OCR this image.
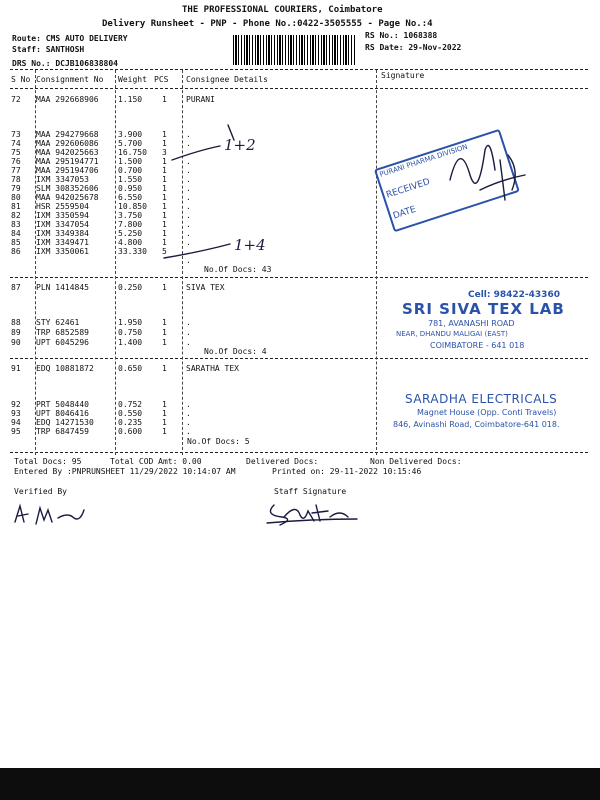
THE PROFESSIONAL COURIERS, Coimbatore
Delivery Runsheet - PNP - Phone No.:0422-3505555 - Page No.:4
Route: CMS AUTO DELIVERY
Staff: SANTHOSH
DRS No.: DCJB106838804
RS No.: 1068388
RS Date: 29-Nov-2022
S No Consignment No Weight PCS Consignee Details	Signature
72 MAA 292668906 1.150 1 PURANI
73 MAA 294279668 3.900 1 .
74 MAA 292606086 5.700 1 .
75 MAA 942025663 16.750 3 .
76 MAA 295194771 1.500 1 .
77 MAA 295194706 0.700 1 .
78 IXM 3347053	1.550 1 .
79 SLM 308352606 0.950 1 .
80 MAA 942025678 6.550 1 .
81 HSR 2559504	10.850 1 .
82 IXM 3350594	3.750 1 .
83 IXM 3347054	7.800 1 .
84 IXM 3349384	5.250 1 .
85 IXM 3349471	4.800 1 .
86 IXM 3350061	33.330 5 .
.
No.Of Docs: 43
87 PLN 1414845	0.250 1 SIVA TEX
88 STY 62461	1.950 1 .
89 TRP 6852589	0.750 1 .
90 UPT 6045296	1.400 1 .
No.Of Docs: 4
91 EDQ 10881872	0.650 1 SARATHA TEX
92 PRT 5048440	0.752 1 .
93 UPT 8046416	0.550 1 .
94 EDQ 14271530	0.235 1 .
95 TRP 6847459	0.600 1 .
No.Of Docs: 5
1+2
1+4
PURANI PHARMA DIVISION
RECEIVED
DATE
Cell: 98422-43360
SRI SIVA TEX LAB
781, AVANASHI ROAD
NEAR, DHANDU MALIGAI (EAST)
COIMBATORE - 641 018
SARADHA ELECTRICALS
Magnet House (Opp. Conti Travels)
846, Avinashi Road, Coimbatore-641 018.
Total Docs: 95	Total COD Amt: 0.00	Delivered Docs:	Non Delivered Docs:
Entered By :PNPRUNSHEET 11/29/2022 10:14:07 AM	Printed on: 29-11-2022 10:15:46
Verified By	Staff Signature
